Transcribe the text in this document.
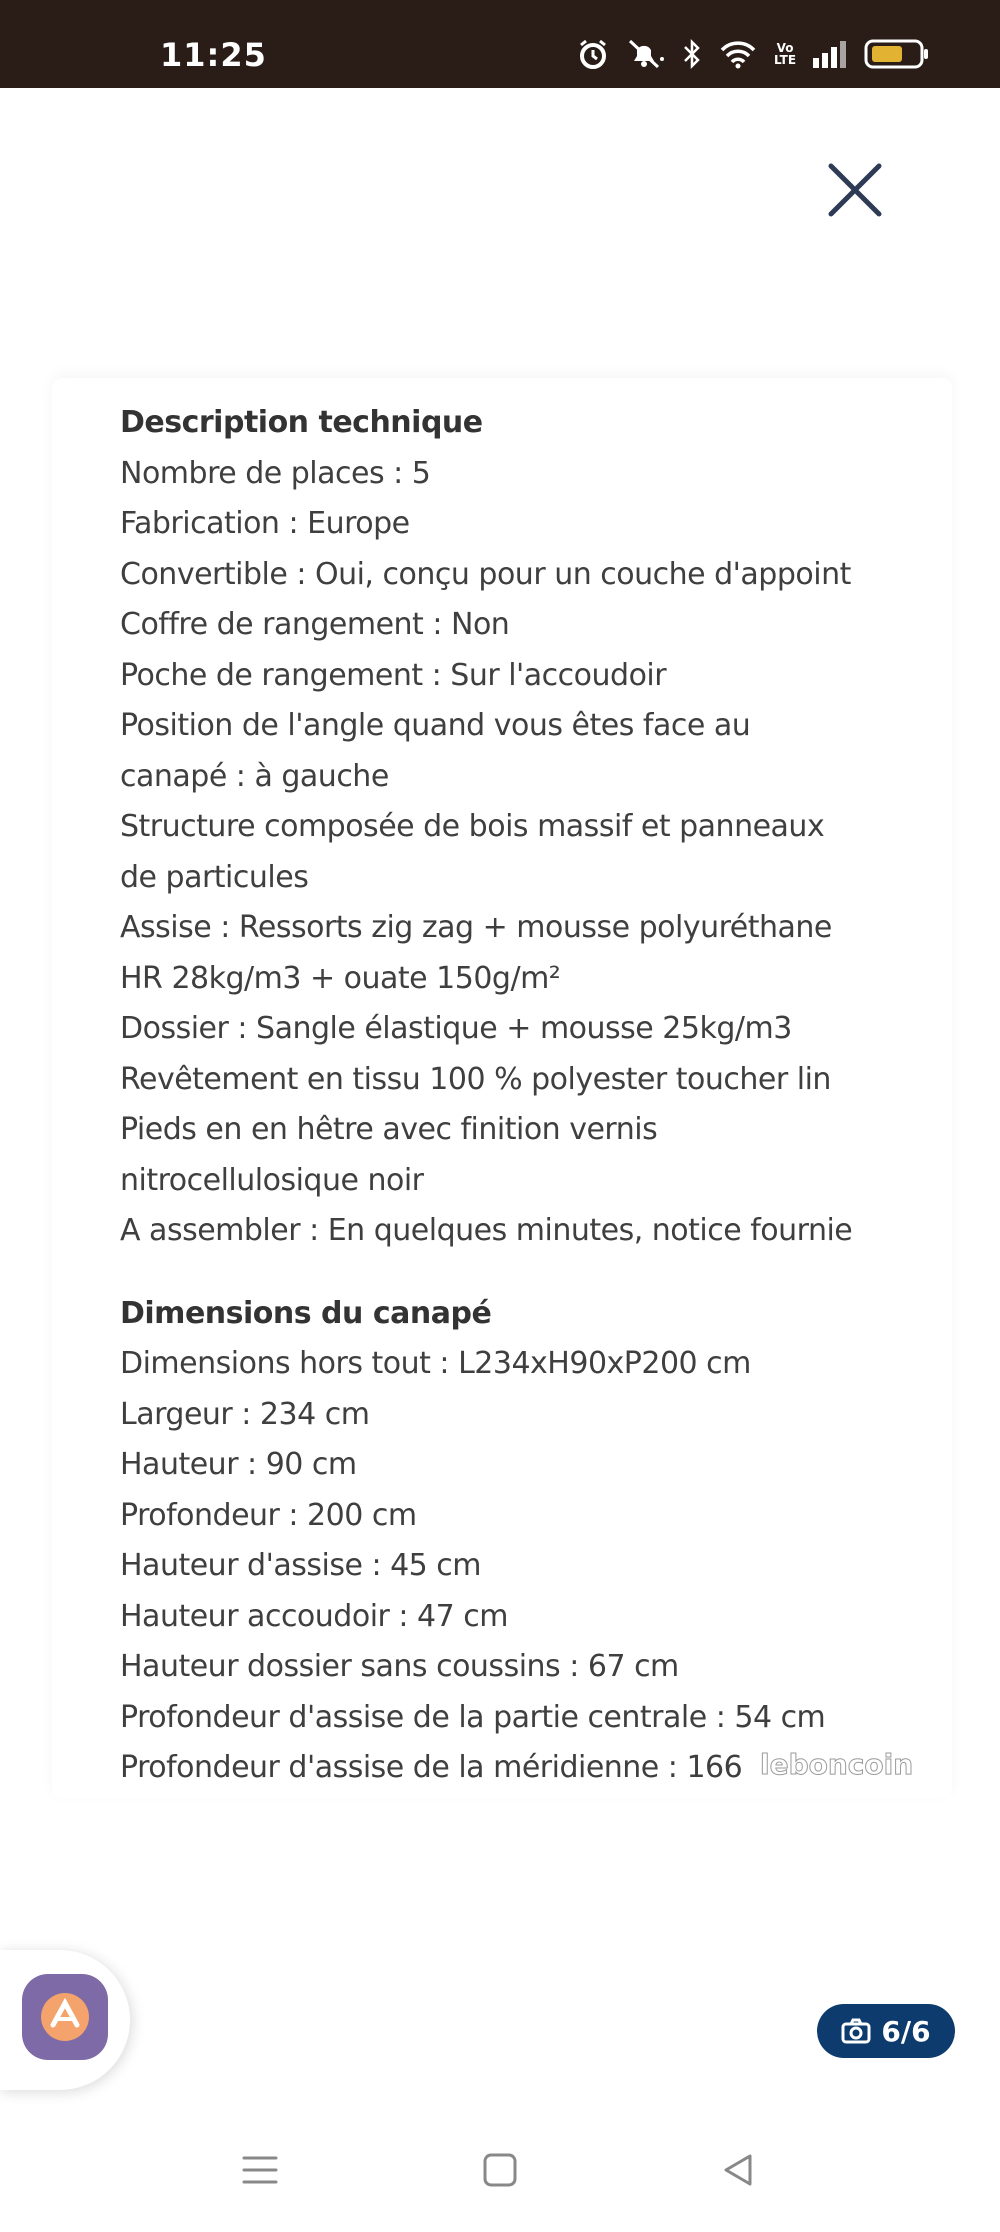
11:25	Vo LTE
Description technique
Nombre de places : 5
Fabrication : Europe
Convertible : Oui, conçu pour un couche d'appoint
Coffre de rangement : Non
Poche de rangement : Sur l'accoudoir
Position de l'angle quand vous êtes face au
canapé : à gauche
Structure composée de bois massif et panneaux
de particules
Assise : Ressorts zig zag + mousse polyuréthane
HR 28kg/m3 + ouate 150g/m²
Dossier : Sangle élastique + mousse 25kg/m3
Revêtement en tissu 100 % polyester toucher lin
Pieds en en hêtre avec finition vernis
nitrocellulosique noir
A assembler : En quelques minutes, notice fournie
Dimensions du canapé
Dimensions hors tout : L234xH90xP200 cm
Largeur : 234 cm
Hauteur : 90 cm
Profondeur : 200 cm
Hauteur d'assise : 45 cm
Hauteur accoudoir : 47 cm
Hauteur dossier sans coussins : 67 cm
Profondeur d'assise de la partie centrale : 54 cm
Profondeur d'assise de la méridienne : 166 leboncoin
6/6
